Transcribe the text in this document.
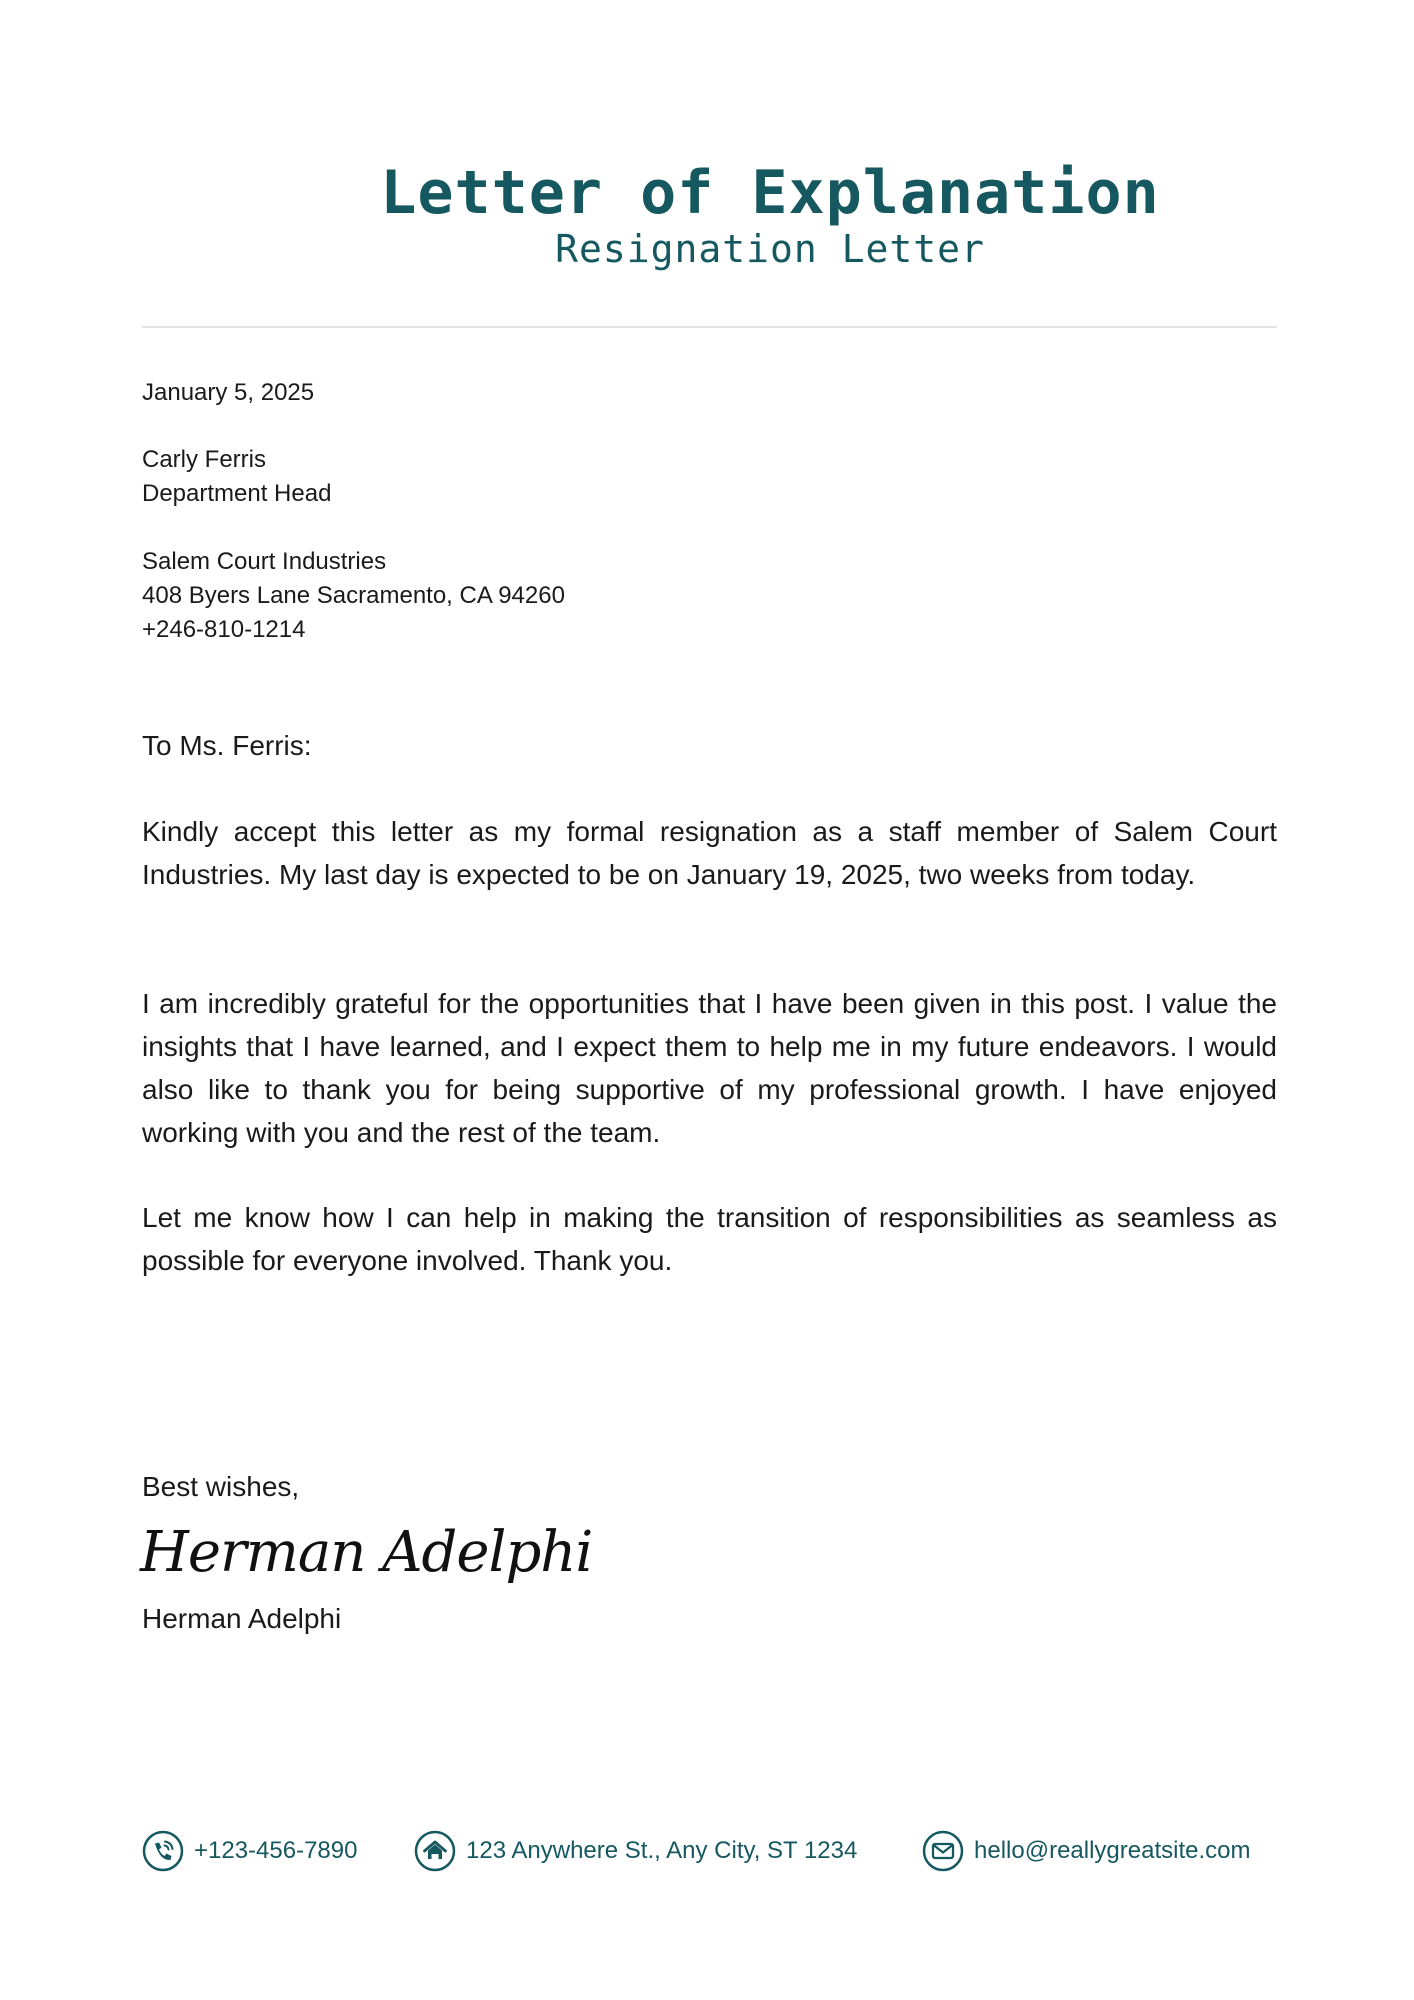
Letter of Explanation
Resignation Letter
January 5, 2025
Carly Ferris
Department Head
Salem Court Industries
408 Byers Lane Sacramento, CA 94260
+246-810-1214

To Ms. Ferris:

Kindly accept this letter as my formal resignation as a staff member of Salem Court Industries. My last day is expected to be on January 19, 2025, two weeks from today.

I am incredibly grateful for the opportunities that I have been given in this post. I value the insights that I have learned, and I expect them to help me in my future endeavors. I would also like to thank you for being supportive of my professional growth. I have enjoyed working with you and the rest of the team.

Let me know how I can help in making the transition of responsibilities as seamless as possible for everyone involved. Thank you.

Best wishes,

Herman Adelphi

Herman Adelphi

+123-456-7890	123 Anywhere St., Any City, ST 1234	hello@reallygreatsite.com
